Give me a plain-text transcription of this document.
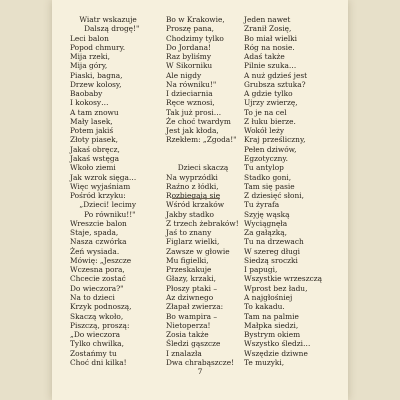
Wiatr wskazuje
Dalszą drogę!"
Leci balon
Popod chmury.
Mija rzeki,
Mija góry,
Piaski, bagna,
Drzew kolosy,
Baobaby
I kokosy…
A tam znowu
Mały lasek,
Potem jakiś
Złoty piasek,
Jakaś obręcz,
Jakaś wstęga
Wkoło ziemi
Jak wzrok sięga…
Więc wyjaśniam
Pośród krzyku:
„Dzieci! lecimy
Po równiku!!"
Wreszcie balon
Staje, spada,
Nasza czwórka
Żeń wysiada.
Mówię: „Jeszcze
Wczesna pora,
Chcecie zostać
Do wieczora?"
Na to dzieci
Krzyk podnoszą,
Skaczą wkoło,
Piszczą, proszą:
„Do wieczora
Tylko chwilka,
Zostańmy tu
Choć dni kilka!
Bo w Krakowie,
Proszę pana,
Chodzimy tylko
Do Jordana!
Raz byliśmy
W Sikorniku
Ale nigdy
Na równiku!"
I dzieciarnia
Ręce wznosi,
Tak już prosi…
Że choć twardym
Jest jak kłoda,
Rzekłem: „Zgoda!"
Dzieci skaczą
Na wyprzódki
Raźno z łódki,
Rozbiegają się
Wśród krzaków
Jakby stadko
Z trzech żebraków!
Jaś to znany
Figlarz wielki,
Zawsze w głowie
Mu figielki,
Przeskakuje
Głazy, krzaki,
Płoszy ptaki –
Az dziwnego
Złapał zwierza:
Bo wampira –
Nietoperza!
Zosia także
Śledzi gąszcze
I znalazła
Dwa chrabąszcze!
Jeden nawet
Zranił Zosię,
Bo miał wielki
Róg na nosie.
Adaś także
Pilnie szuka…
A nuż gdzieś jest
Grubsza sztuka?
A gdzie tylko
Ujrzy zwierzę,
To je na cel
Z łuku bierze.
Wokół leży
Kraj prześliczny,
Pełen dziwów,
Egzotyczny.
Tu antylop
Stadko goni,
Tam się pasie
Z dziesięć słoni,
Tu żyrafa
Szyję wąską
Wyciągnęła
Za gałązką,
Tu na drzewach
W szereg długi
Siedzą sroczki
I papugi,
Wszystkie wrzeszczą
Wprost bez ładu,
A najgłośniej
To kakadu.
Tam na palmie
Małpka siedzi,
Bystrym okiem
Wszystko śledzi…
Wszędzie dziwne
Te muzyki,
7
